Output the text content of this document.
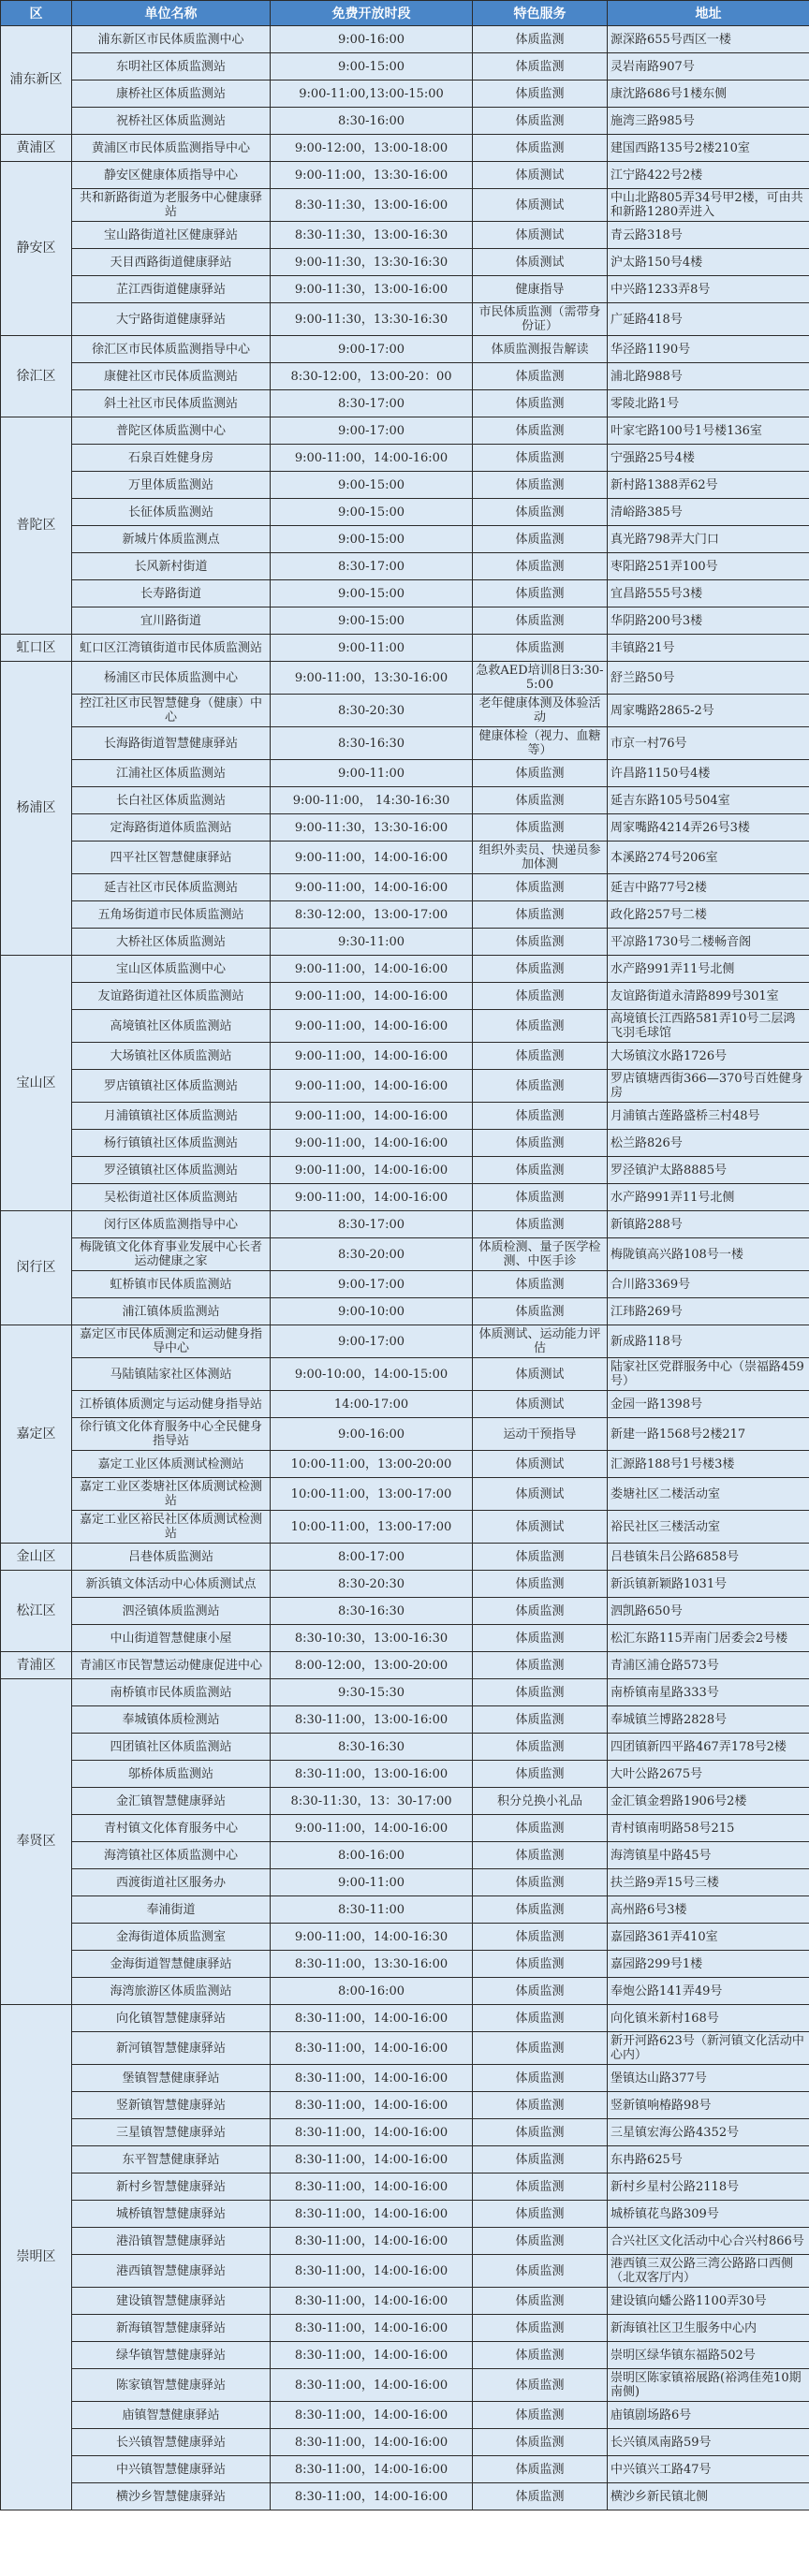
区	单位名称	免费开放时段	特色服务	地址
浦东新区	浦东新区市民体质监测中心	9:00-16:00	体质监测	源深路655号西区一楼
	东明社区体质监测站	9:00-15:00	体质监测	灵岩南路907号
	康桥社区体质监测站	9:00-11:00,13:00-15:00	体质监测	康沈路686号1楼东侧
	祝桥社区体质监测站	8:30-16:00	体质监测	施湾三路985号
黄浦区	黄浦区市民体质监测指导中心	9:00-12:00，13:00-18:00	体质监测	建国西路135号2楼210室
静安区	静安区健康体质指导中心	9:00-11:00，13:30-16:00	体质测试	江宁路422号2楼
	共和新路街道为老服务中心健康驿站	8:30-11:30，13:00-16:00	体质测试	中山北路805弄34号甲2楼，可由共和新路1280弄进入
	宝山路街道社区健康驿站	8:30-11:30，13:00-16:30	体质测试	青云路318号
	天目西路街道健康驿站	9:00-11:30，13:30-16:30	体质测试	沪太路150号4楼
	芷江西街道健康驿站	9:00-11:30，13:00-16:00	健康指导	中兴路1233弄8号
	大宁路街道健康驿站	9:00-11:30，13:30-16:30	市民体质监测（需带身份证）	广延路418号
徐汇区	徐汇区市民体质监测指导中心	9:00-17:00	体质监测报告解读	华泾路1190号
	康健社区市民体质监测站	8:30-12:00，13:00-20：00	体质监测	浦北路988号
	斜土社区市民体质监测站	8:30-17:00	体质监测	零陵北路1号
普陀区	普陀区体质监测中心	9:00-17:00	体质监测	叶家宅路100号1号楼136室
	石泉百姓健身房	9:00-11:00，14:00-16:00	体质监测	宁强路25号4楼
	万里体质监测站	9:00-15:00	体质监测	新村路1388弄62号
	长征体质监测站	9:00-15:00	体质监测	清峪路385号
	新城片体质监测点	9:00-15:00	体质监测	真光路798弄大门口
	长风新村街道	8:30-17:00	体质监测	枣阳路251弄100号
	长寿路街道	9:00-15:00	体质监测	宜昌路555号3楼
	宜川路街道	9:00-15:00	体质监测	华阴路200号3楼
虹口区	虹口区江湾镇街道市民体质监测站	9:00-11:00	体质监测	丰镇路21号
杨浦区	杨浦区市民体质监测中心	9:00-11:00，13:30-16:00	急救AED培训8日3:30-5:00	舒兰路50号
	控江社区市民智慧健身（健康）中心	8:30-20:30	老年健康体测及体验活动	周家嘴路2865-2号
	长海路街道智慧健康驿站	8:30-16:30	健康体检（视力、血糖等）	市京一村76号
	江浦社区体质监测站	9:00-11:00	体质监测	许昌路1150号4楼
	长白社区体质监测站	9:00-11:00， 14:30-16:30	体质监测	延吉东路105号504室
	定海路街道体质监测站	9:00-11:30，13:30-16:00	体质监测	周家嘴路4214弄26号3楼
	四平社区智慧健康驿站	9:00-11:00，14:00-16:00	组织外卖员、快递员参加体测	本溪路274号206室
	延吉社区市民体质监测站	9:00-11:00，14:00-16:00	体质监测	延吉中路77号2楼
	五角场街道市民体质监测站	8:30-12:00，13:00-17:00	体质监测	政化路257号二楼
	大桥社区体质监测站	9:30-11:00	体质监测	平凉路1730号二楼畅音阁
宝山区	宝山区体质监测中心	9:00-11:00，14:00-16:00	体质监测	水产路991弄11号北侧
	友谊路街道社区体质监测站	9:00-11:00，14:00-16:00	体质监测	友谊路街道永清路899号301室
	高境镇社区体质监测站	9:00-11:00，14:00-16:00	体质监测	高境镇长江西路581弄10号二层鸿飞羽毛球馆
	大场镇社区体质监测站	9:00-11:00，14:00-16:00	体质监测	大场镇汶水路1726号
	罗店镇镇社区体质监测站	9:00-11:00，14:00-16:00	体质监测	罗店镇塘西街366—370号百姓健身房
	月浦镇镇社区体质监测站	9:00-11:00，14:00-16:00	体质监测	月浦镇古莲路盛桥三村48号
	杨行镇镇社区体质监测站	9:00-11:00，14:00-16:00	体质监测	松兰路826号
	罗泾镇镇社区体质监测站	9:00-11:00，14:00-16:00	体质监测	罗泾镇沪太路8885号
	吴松街道社区体质监测站	9:00-11:00，14:00-16:00	体质监测	水产路991弄11号北侧
闵行区	闵行区体质监测指导中心	8:30-17:00	体质监测	新镇路288号
	梅陇镇文化体育事业发展中心长者运动健康之家	8:30-20:00	体质检测、量子医学检测、中医手诊	梅陇镇高兴路108号一楼
	虹桥镇市民体质监测站	9:00-17:00	体质监测	合川路3369号
	浦江镇体质监测站	9:00-10:00	体质监测	江玮路269号
嘉定区	嘉定区市民体质测定和运动健身指导中心	9:00-17:00	体质测试、运动能力评估	新成路118号
	马陆镇陆家社区体测站	9:00-10:00，14:00-15:00	体质测试	陆家社区党群服务中心（崇福路459号）
	江桥镇体质测定与运动健身指导站	14:00-17:00	体质测试	金园一路1398号
	徐行镇文化体育服务中心全民健身指导站	9:00-16:00	运动干预指导	新建一路1568号2楼217
	嘉定工业区体质测试检测站	10:00-11:00，13:00-20:00	体质测试	汇源路188号1号楼3楼
	嘉定工业区娄塘社区体质测试检测站	10:00-11:00，13:00-17:00	体质测试	娄塘社区二楼活动室
	嘉定工业区裕民社区体质测试检测站	10:00-11:00，13:00-17:00	体质测试	裕民社区三楼活动室
金山区	吕巷体质监测站	8:00-17:00	体质监测	吕巷镇朱吕公路6858号
松江区	新浜镇文体活动中心体质测试点	8:30-20:30	体质监测	新浜镇新颖路1031号
	泗泾镇体质监测站	8:30-16:30	体质监测	泗凯路650号
	中山街道智慧健康小屋	8:30-10:30，13:00-16:30	体质监测	松汇东路115弄南门居委会2号楼
青浦区	青浦区市民智慧运动健康促进中心	8:00-12:00，13:00-20:00	体质监测	青浦区浦仓路573号
奉贤区	南桥镇市民体质监测站	9:30-15:30	体质监测	南桥镇南星路333号
	奉城镇体质检测站	8:30-11:00，13:00-16:00	体质监测	奉城镇兰博路2828号
	四团镇社区体质监测站	8:30-16:30	体质监测	四团镇新四平路467弄178号2楼
	邬桥体质监测站	8:30-11:00，13:00-16:00	体质监测	大叶公路2675号
	金汇镇智慧健康驿站	8:30-11:30，13：30-17:00	积分兑换小礼品	金汇镇金碧路1906号2楼
	青村镇文化体育服务中心	9:00-11:00，14:00-16:00	体质监测	青村镇南明路58号215
	海湾镇社区体质监测中心	8:00-16:00	体质监测	海湾镇星中路45号
	西渡街道社区服务办	9:00-11:00	体质监测	扶兰路9弄15号三楼
	奉浦街道	8:30-11:00	体质监测	高州路6号3楼
	金海街道体质监测室	9:00-11:00，14:00-16:30	体质监测	嘉园路361弄410室
	金海街道智慧健康驿站	8:30-11:00，13:30-16:00	体质监测	嘉园路299号1楼
	海湾旅游区体质监测站	8:00-16:00	体质监测	奉炮公路141弄49号
崇明区	向化镇智慧健康驿站	8:30-11:00，14:00-16:00	体质监测	向化镇米新村168号
	新河镇智慧健康驿站	8:30-11:00，14:00-16:00	体质监测	新开河路623号（新河镇文化活动中心内）
	堡镇智慧健康驿站	8:30-11:00，14:00-16:00	体质监测	堡镇达山路377号
	竖新镇智慧健康驿站	8:30-11:00，14:00-16:00	体质监测	竖新镇响椿路98号
	三星镇智慧健康驿站	8:30-11:00，14:00-16:00	体质监测	三星镇宏海公路4352号
	东平智慧健康驿站	8:30-11:00，14:00-16:00	体质监测	东冉路625号
	新村乡智慧健康驿站	8:30-11:00，14:00-16:00	体质监测	新村乡星村公路2118号
	城桥镇智慧健康驿站	8:30-11:00，14:00-16:00	体质监测	城桥镇花鸟路309号
	港沿镇智慧健康驿站	8:30-11:00，14:00-16:00	体质监测	合兴社区文化活动中心合兴村866号
	港西镇智慧健康驿站	8:30-11:00，14:00-16:00	体质监测	港西镇三双公路三湾公路路口西侧（北双客厅内）
	建设镇智慧健康驿站	8:30-11:00，14:00-16:00	体质监测	建设镇向蟠公路1100弄30号
	新海镇智慧健康驿站	8:30-11:00，14:00-16:00	体质监测	新海镇社区卫生服务中心内
	绿华镇智慧健康驿站	8:30-11:00，14:00-16:00	体质监测	崇明区绿华镇东福路502号
	陈家镇智慧健康驿站	8:30-11:00，14:00-16:00	体质监测	崇明区陈家镇裕展路(裕鸿佳苑10期南侧)
	庙镇智慧健康驿站	8:30-11:00，14:00-16:00	体质监测	庙镇剧场路6号
	长兴镇智慧健康驿站	8:30-11:00，14:00-16:00	体质监测	长兴镇凤南路59号
	中兴镇智慧健康驿站	8:30-11:00，14:00-16:00	体质监测	中兴镇兴工路47号
	横沙乡智慧健康驿站	8:30-11:00，14:00-16:00	体质监测	横沙乡新民镇北侧
